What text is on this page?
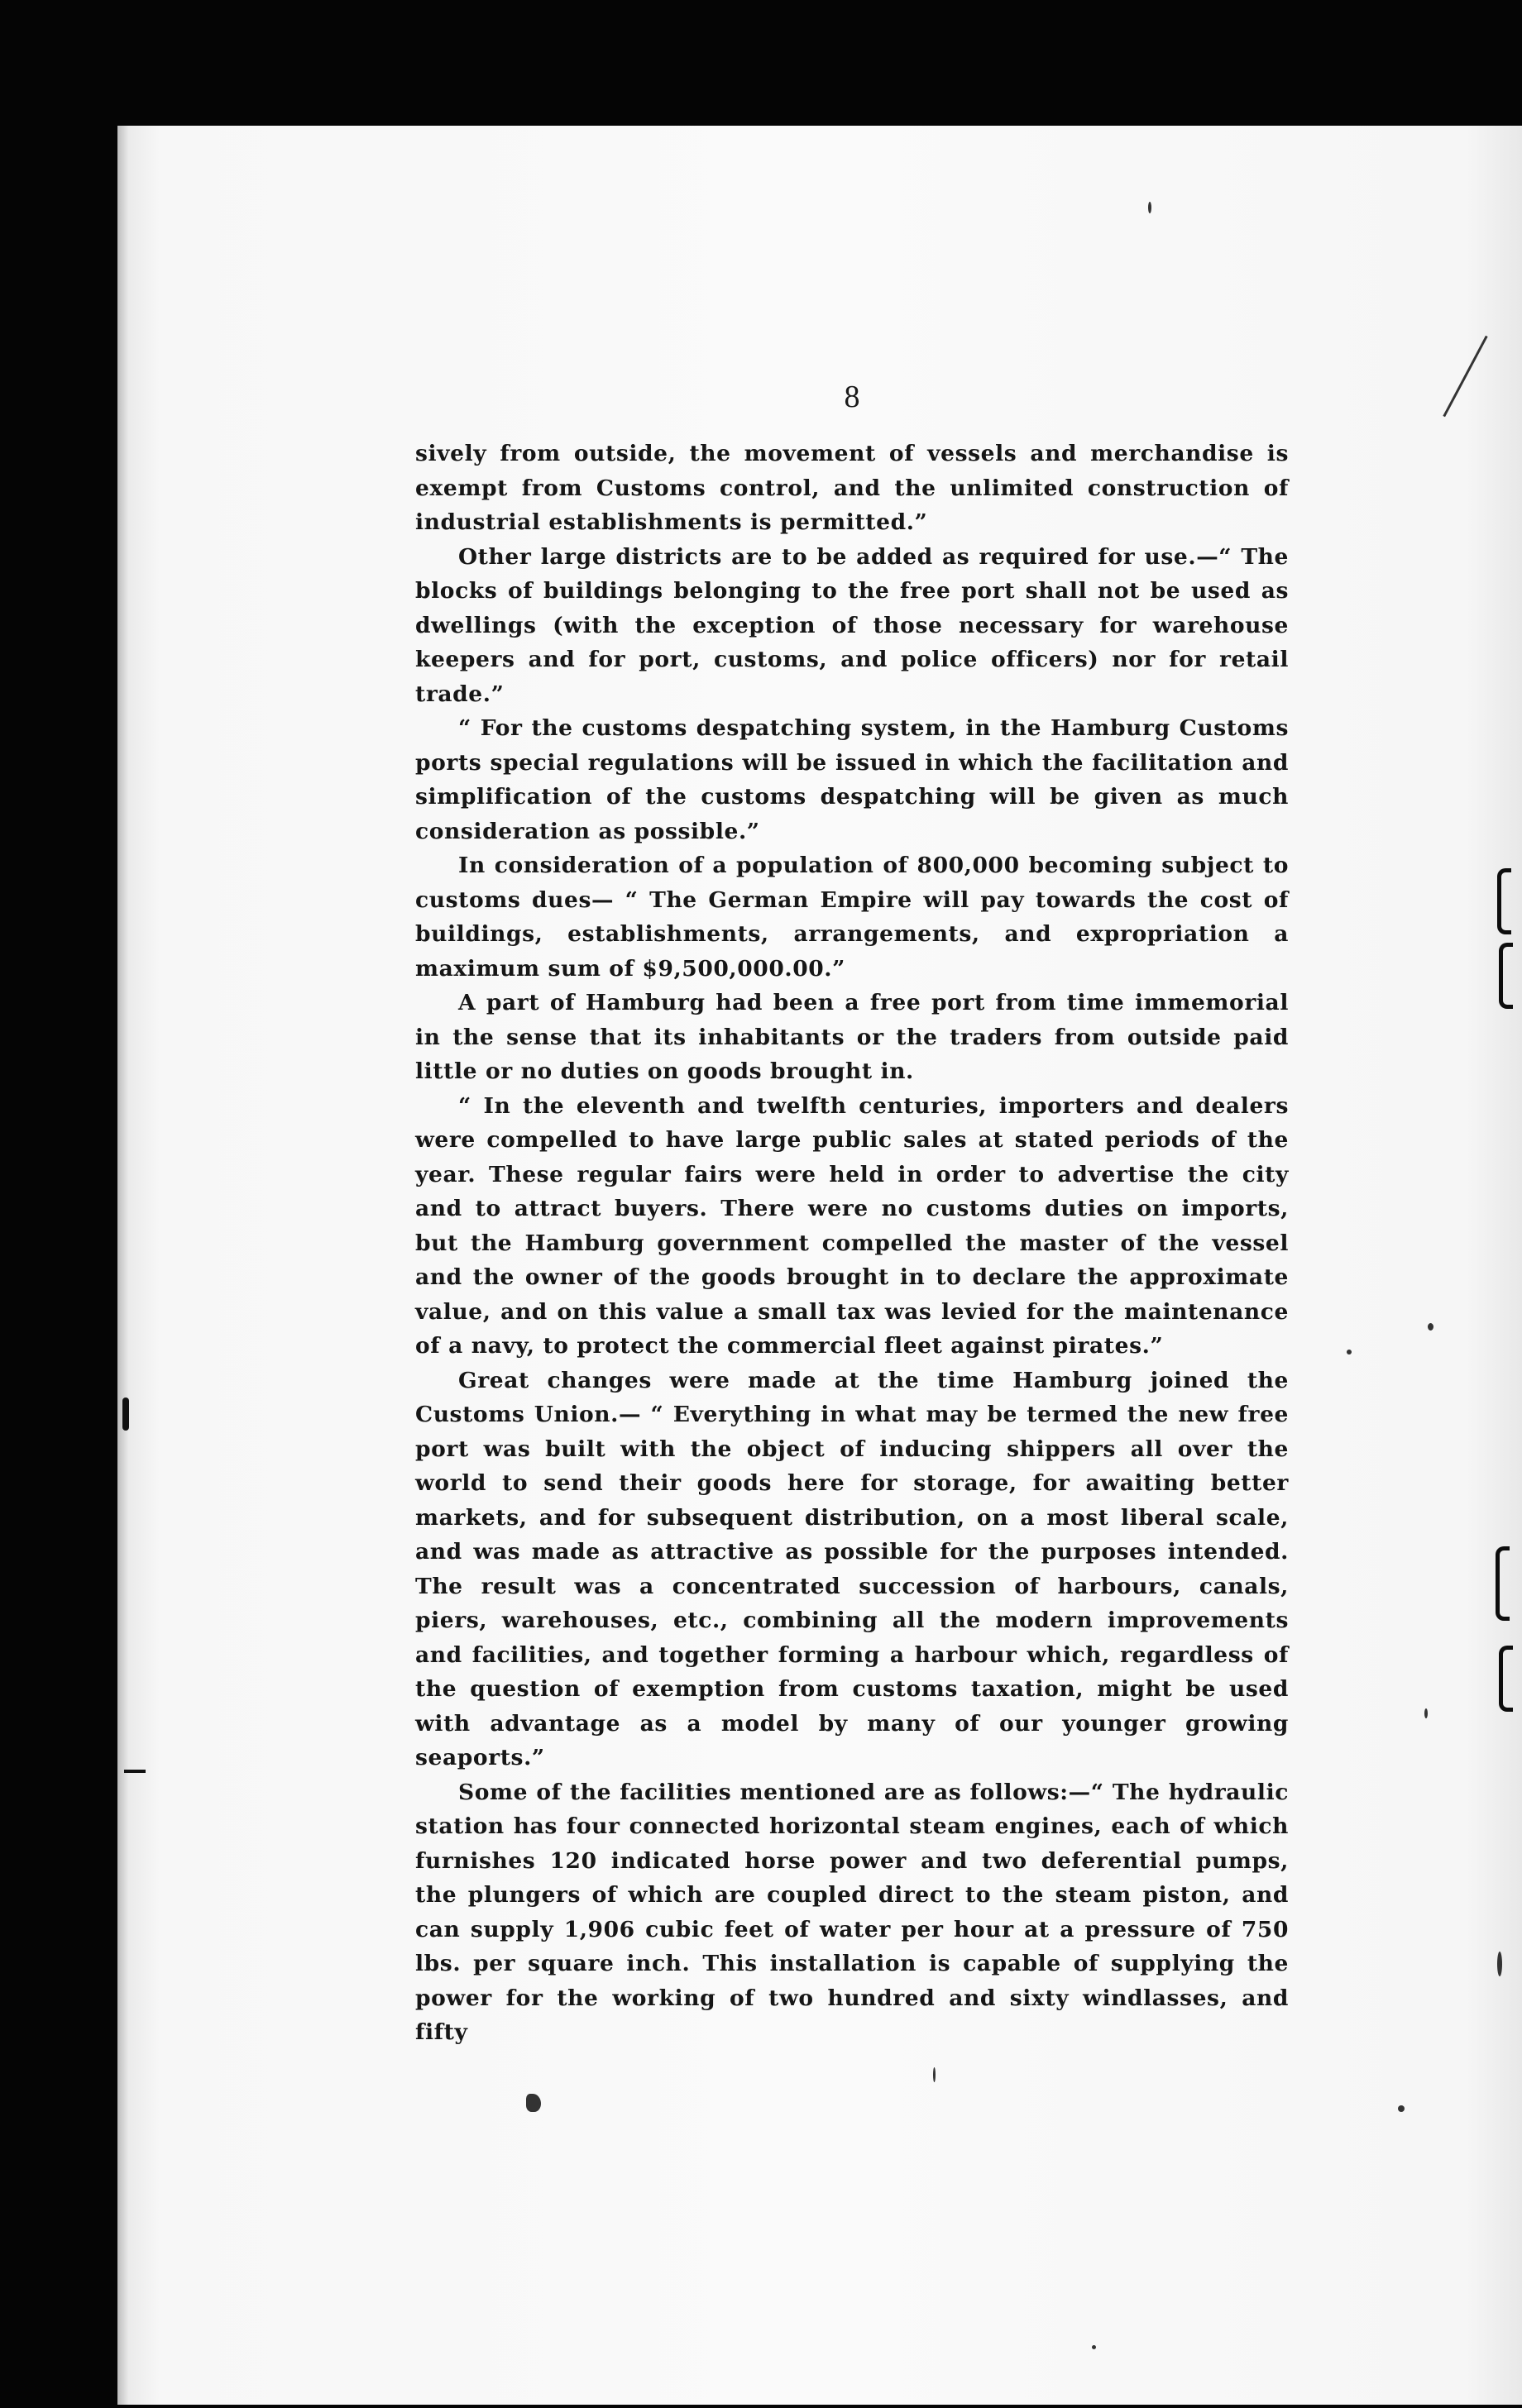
8

sively from outside, the movement of vessels and merchandise is exempt from Customs control, and the unlimited construction of industrial establishments is permitted.”

Other large districts are to be added as required for use.—“ The blocks of buildings belonging to the free port shall not be used as dwellings (with the exception of those necessary for warehouse keepers and for port, customs, and police officers) nor for retail trade.”

“ For the customs despatching system, in the Hamburg Customs ports special regulations will be issued in which the facilitation and simplification of the customs despatching will be given as much consideration as possible.”

In consideration of a population of 800,000 becoming subject to customs dues— “ The German Empire will pay towards the cost of buildings, establishments, arrangements, and expropriation a maximum sum of $9,500,000.00.”

A part of Hamburg had been a free port from time immemorial in the sense that its inhabitants or the traders from outside paid little or no duties on goods brought in.

“ In the eleventh and twelfth centuries, importers and dealers were compelled to have large public sales at stated periods of the year. These regular fairs were held in order to advertise the city and to attract buyers. There were no customs duties on imports, but the Hamburg government compelled the master of the vessel and the owner of the goods brought in to declare the approximate value, and on this value a small tax was levied for the maintenance of a navy, to protect the commercial fleet against pirates.”

Great changes were made at the time Hamburg joined the Customs Union.— “ Everything in what may be termed the new free port was built with the object of inducing shippers all over the world to send their goods here for storage, for awaiting better markets, and for subsequent distribution, on a most liberal scale, and was made as attractive as possible for the purposes intended. The result was a concentrated succession of harbours, canals, piers, warehouses, etc., combining all the modern improvements and facilities, and together forming a harbour which, regardless of the question of exemption from customs taxation, might be used with advantage as a model by many of our younger growing seaports.”

Some of the facilities mentioned are as follows:—“ The hydraulic station has four connected horizontal steam engines, each of which furnishes 120 indicated horse power and two deferential pumps, the plungers of which are coupled direct to the steam piston, and can supply 1,906 cubic feet of water per hour at a pressure of 750 lbs. per square inch. This installation is capable of supplying the power for the working of two hundred and sixty windlasses, and fifty
